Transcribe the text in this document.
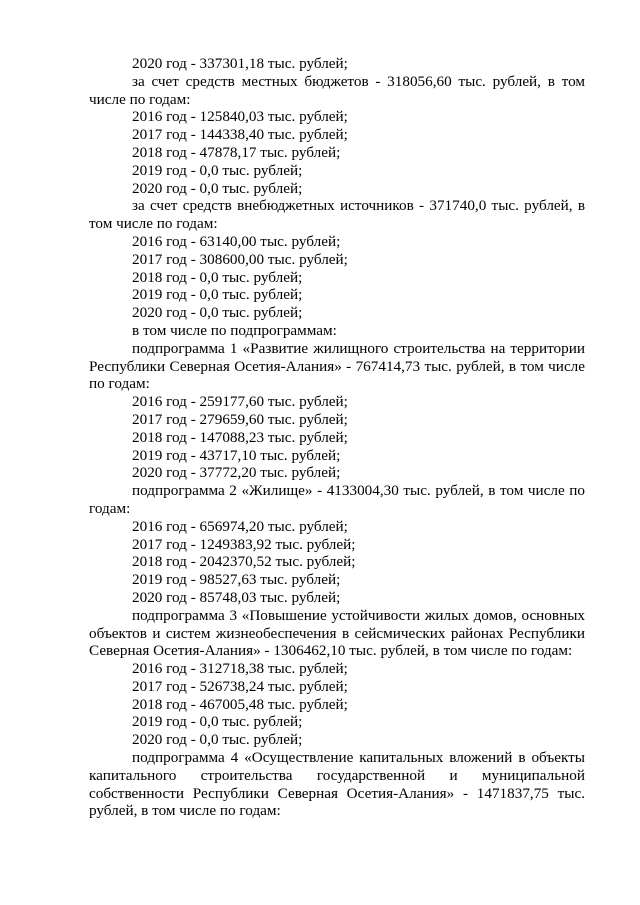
2020 год - 337301,18 тыс. рублей;

за счет средств местных бюджетов - 318056,60 тыс. рублей, в том числе по годам:

2016 год - 125840,03 тыс. рублей;

2017 год - 144338,40 тыс. рублей;

2018 год - 47878,17 тыс. рублей;

2019 год - 0,0 тыс. рублей;

2020 год - 0,0 тыс. рублей;

за счет средств внебюджетных источников - 371740,0 тыс. рублей, в том числе по годам:

2016 год - 63140,00 тыс. рублей;

2017 год - 308600,00 тыс. рублей;

2018 год - 0,0 тыс. рублей;

2019 год - 0,0 тыс. рублей;

2020 год - 0,0 тыс. рублей;

в том числе по подпрограммам:

подпрограмма 1 «Развитие жилищного строительства на территории Республики Северная Осетия-Алания» - 767414,73 тыс. рублей, в том числе по годам:

2016 год - 259177,60 тыс. рублей;

2017 год - 279659,60 тыс. рублей;

2018 год - 147088,23 тыс. рублей;

2019 год - 43717,10 тыс. рублей;

2020 год - 37772,20 тыс. рублей;

подпрограмма 2 «Жилище» - 4133004,30 тыс. рублей, в том числе по годам:

2016 год - 656974,20 тыс. рублей;

2017 год - 1249383,92 тыс. рублей;

2018 год - 2042370,52 тыс. рублей;

2019 год - 98527,63 тыс. рублей;

2020 год - 85748,03 тыс. рублей;

подпрограмма 3 «Повышение устойчивости жилых домов, основных объектов и систем жизнеобеспечения в сейсмических районах Республики Северная Осетия-Алания» - 1306462,10 тыс. рублей, в том числе по годам:

2016 год - 312718,38 тыс. рублей;

2017 год - 526738,24 тыс. рублей;

2018 год - 467005,48 тыс. рублей;

2019 год - 0,0 тыс. рублей;

2020 год - 0,0 тыс. рублей;

подпрограмма 4 «Осуществление капитальных вложений в объекты капитального строительства государственной и муниципальной собственности Республики Северная Осетия-Алания» - 1471837,75 тыс. рублей, в том числе по годам:
